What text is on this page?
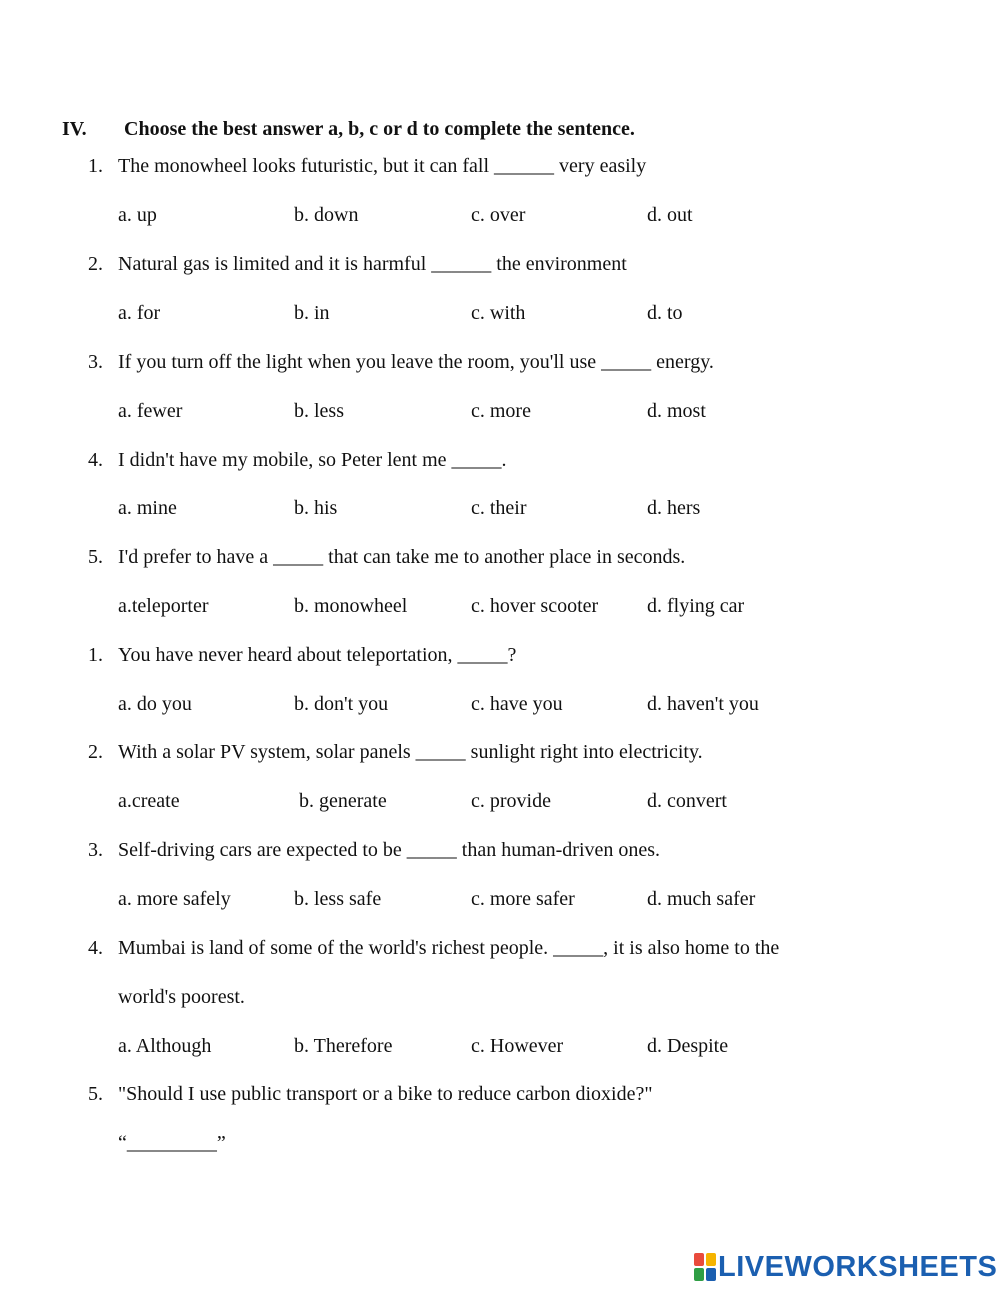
IV. Choose the best answer a, b, c or d to complete the sentence.
1. The monowheel looks futuristic, but it can fall ______ very easily
a. up	b. down	c. over	d. out
2. Natural gas is limited and it is harmful ______ the environment
a. for	b. in	c. with	d. to
3. If you turn off the light when you leave the room, you'll use _____ energy.
a. fewer	b. less	c. more	d. most
4. I didn't have my mobile, so Peter lent me _____.
a. mine	b. his	c. their	d. hers
5. I'd prefer to have a _____ that can take me to another place in seconds.
a.teleporter	b. monowheel	c. hover scooter d. flying car
1. You have never heard about teleportation, _____?
a. do you	b. don't you	c. have you	d. haven't you
2. With a solar PV system, solar panels _____ sunlight right into electricity.
a.create	b. generate	c. provide	d. convert
3. Self-driving cars are expected to be _____ than human-driven ones.
a. more safely	b. less safe	c. more safer	d. much safer
4. Mumbai is land of some of the world's richest people. _____, it is also home to the
world's poorest.
a. Although	b. Therefore	c. However	d. Despite
5. "Should I use public transport or a bike to reduce carbon dioxide?"
“_________”
LIVEWORKSHEETS
